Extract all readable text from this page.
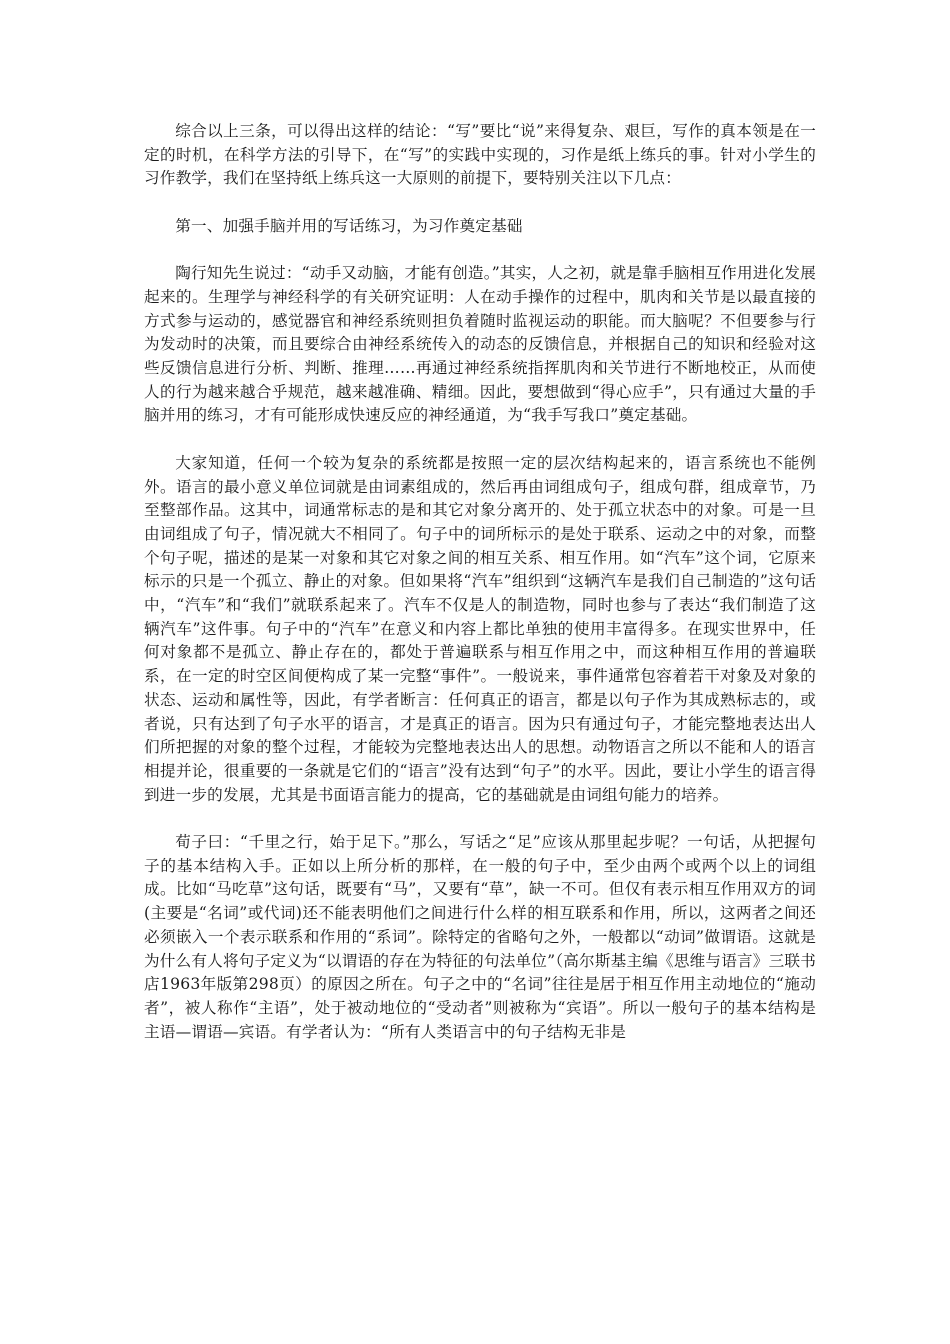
综合以上三条，可以得出这样的结论：“写”要比“说”来得复杂、艰巨，写作的真本领是在一定的时机，在科学方法的引导下，在“写”的实践中实现的，习作是纸上练兵的事。针对小学生的习作教学，我们在坚持纸上练兵这一大原则的前提下，要特别关注以下几点：

第一、加强手脑并用的写话练习，为习作奠定基础

陶行知先生说过：“动手又动脑，才能有创造。”其实，人之初，就是靠手脑相互作用进化发展起来的。生理学与神经科学的有关研究证明：人在动手操作的过程中，肌肉和关节是以最直接的方式参与运动的，感觉器官和神经系统则担负着随时监视运动的职能。而大脑呢？不但要参与行为发动时的决策，而且要综合由神经系统传入的动态的反馈信息，并根据自己的知识和经验对这些反馈信息进行分析、判断、推理……再通过神经系统指挥肌肉和关节进行不断地校正，从而使人的行为越来越合乎规范，越来越准确、精细。因此，要想做到“得心应手”，只有通过大量的手脑并用的练习，才有可能形成快速反应的神经通道，为“我手写我口”奠定基础。

大家知道，任何一个较为复杂的系统都是按照一定的层次结构起来的，语言系统也不能例外。语言的最小意义单位词就是由词素组成的，然后再由词组成句子，组成句群，组成章节，乃至整部作品。这其中，词通常标志的是和其它对象分离开的、处于孤立状态中的对象。可是一旦由词组成了句子，情况就大不相同了。句子中的词所标示的是处于联系、运动之中的对象，而整个句子呢，描述的是某一对象和其它对象之间的相互关系、相互作用。如“汽车”这个词，它原来标示的只是一个孤立、静止的对象。但如果将“汽车”组织到“这辆汽车是我们自己制造的”这句话中，“汽车”和“我们”就联系起来了。汽车不仅是人的制造物，同时也参与了表达“我们制造了这辆汽车”这件事。句子中的“汽车”在意义和内容上都比单独的使用丰富得多。在现实世界中，任何对象都不是孤立、静止存在的，都处于普遍联系与相互作用之中，而这种相互作用的普遍联系，在一定的时空区间便构成了某一完整“事件”。一般说来，事件通常包容着若干对象及对象的状态、运动和属性等，因此，有学者断言：任何真正的语言，都是以句子作为其成熟标志的，或者说，只有达到了句子水平的语言，才是真正的语言。因为只有通过句子，才能完整地表达出人们所把握的对象的整个过程，才能较为完整地表达出人的思想。动物语言之所以不能和人的语言相提并论，很重要的一条就是它们的“语言”没有达到“句子”的水平。因此，要让小学生的语言得到进一步的发展，尤其是书面语言能力的提高，它的基础就是由词组句能力的培养。

荀子曰：“千里之行，始于足下。”那么，写话之“足”应该从那里起步呢？一句话，从把握句子的基本结构入手。正如以上所分析的那样，在一般的句子中，至少由两个或两个以上的词组成。比如“马吃草”这句话，既要有“马”，又要有“草”，缺一不可。但仅有表示相互作用双方的词(主要是“名词”或代词)还不能表明他们之间进行什么样的相互联系和作用，所以，这两者之间还必须嵌入一个表示联系和作用的“系词”。除特定的省略句之外，一般都以“动词”做谓语。这就是为什么有人将句子定义为“以谓语的存在为特征的句法单位”（高尔斯基主编《思维与语言》三联书店1963年版第298页）的原因之所在。句子之中的“名词”往往是居于相互作用主动地位的“施动者”，被人称作“主语”，处于被动地位的“受动者”则被称为“宾语”。所以一般句子的基本结构是主语—谓语—宾语。有学者认为：“所有人类语言中的句子结构无非是
